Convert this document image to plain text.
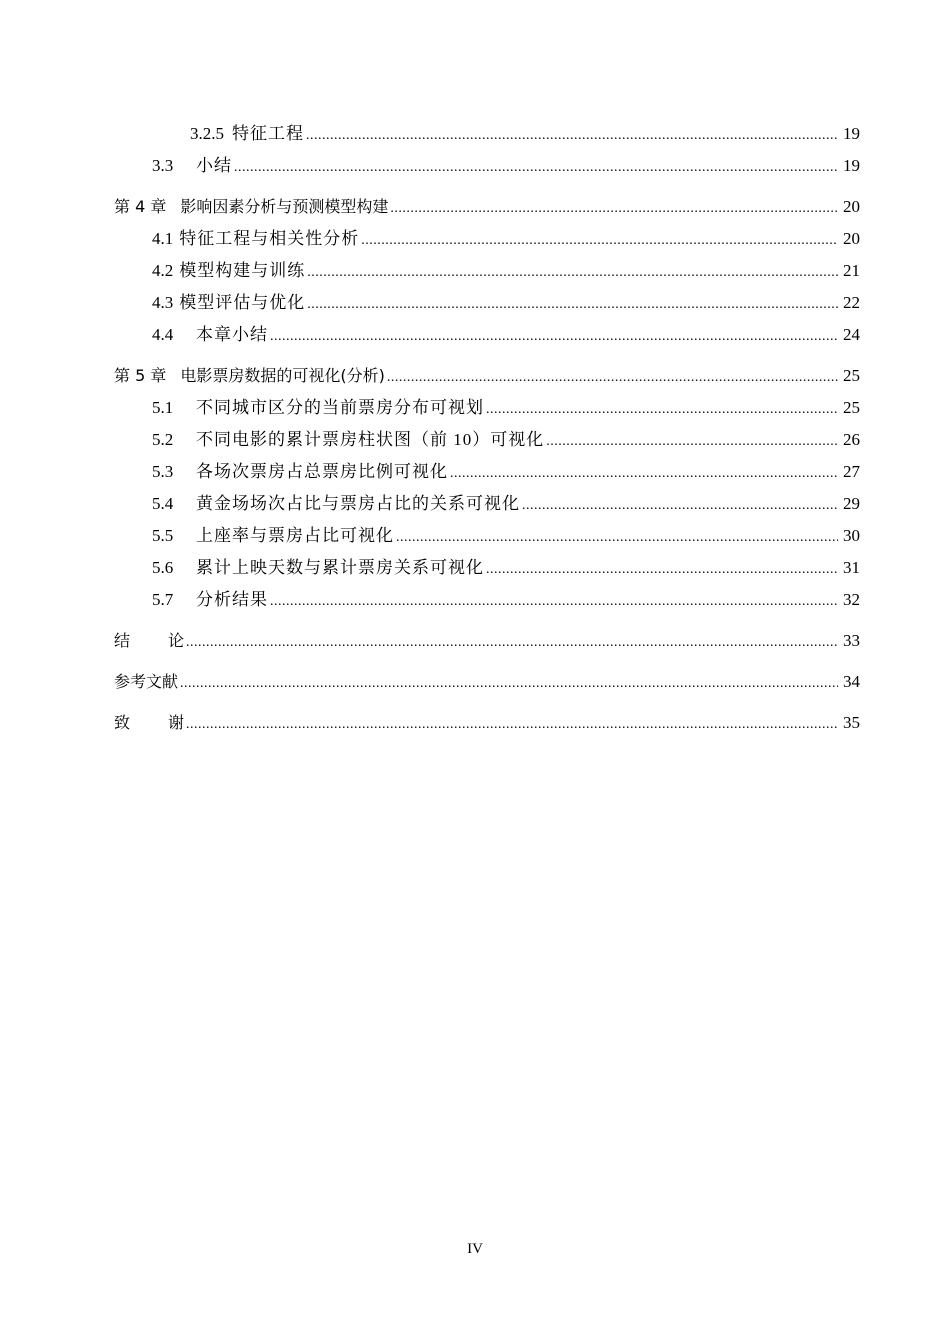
3.2.5 特征工程 .....	19
3.3	小结 .....	19
第 4 章 影响因素分析与预测模型构建 .....	20
4.1 特征工程与相关性分析 .....	20
4.2 模型构建与训练 .....	21
4.3 模型评估与优化 .....	22
4.4	本章小结 .....	24
第 5 章 电影票房数据的可视化(分析) .....	25
5.1	不同城市区分的当前票房分布可视划 .....	25
5.2	不同电影的累计票房柱状图（前 10）可视化 .....	26
5.3	各场次票房占总票房比例可视化 .....	27
5.4	黄金场场次占比与票房占比的关系可视化 .....	29
5.5	上座率与票房占比可视化 .....	30
5.6	累计上映天数与累计票房关系可视化 .....	31
5.7	分析结果 .....	32
结 论 .....	33
参考文献 .....	34
致 谢 .....	35
IV
